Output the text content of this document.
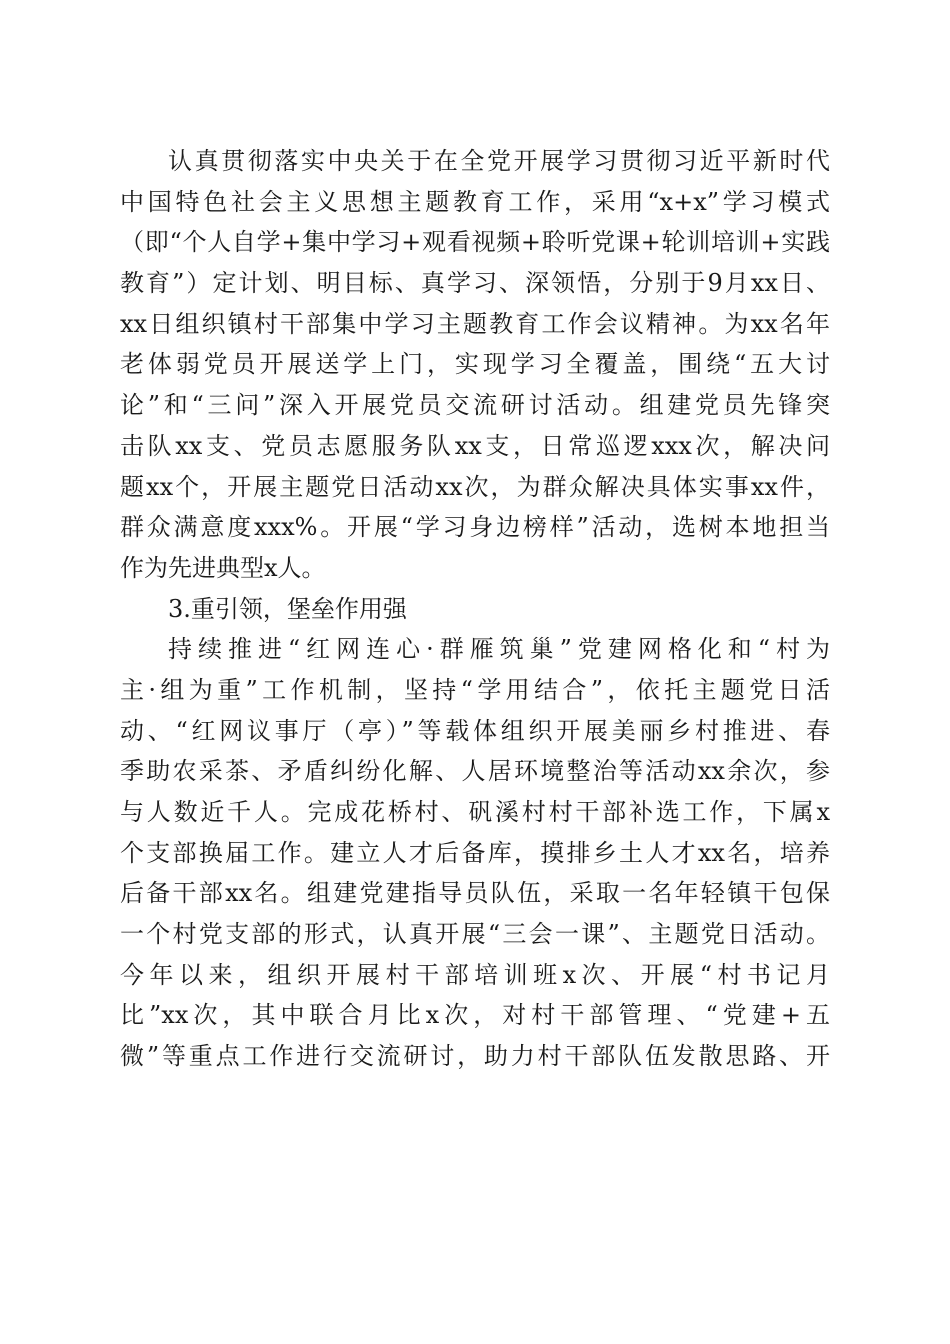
认真贯彻落实中央关于在全党开展学习贯彻习近平新时代
中国特色社会主义思想主题教育工作，采用“x+x”学习模式
（即“个人自学+集中学习+观看视频+聆听党课+轮训培训+实践
教育”）定计划、明目标、真学习、深领悟，分别于9月xx日、
xx日组织镇村干部集中学习主题教育工作会议精神。为xx名年
老体弱党员开展送学上门，实现学习全覆盖，围绕“五大讨
论”和“三问”深入开展党员交流研讨活动。组建党员先锋突
击队xx支、党员志愿服务队xx支，日常巡逻xxx次，解决问
题xx个，开展主题党日活动xx次，为群众解决具体实事xx件，
群众满意度xxx%。开展“学习身边榜样”活动，选树本地担当
作为先进典型x人。
3.重引领，堡垒作用强
持续推进“红网连心·群雁筑巢”党建网格化和“村为
主·组为重”工作机制，坚持“学用结合”，依托主题党日活
动、“红网议事厅（亭）”等载体组织开展美丽乡村推进、春
季助农采茶、矛盾纠纷化解、人居环境整治等活动xx余次，参
与人数近千人。完成花桥村、矾溪村村干部补选工作，下属x
个支部换届工作。建立人才后备库，摸排乡土人才xx名，培养
后备干部xx名。组建党建指导员队伍，采取一名年轻镇干包保
一个村党支部的形式，认真开展“三会一课”、主题党日活动。
今年以来，组织开展村干部培训班x次、开展“村书记月
比”xx次，其中联合月比x次，对村干部管理、“党建+五
微”等重点工作进行交流研讨，助力村干部队伍发散思路、开
